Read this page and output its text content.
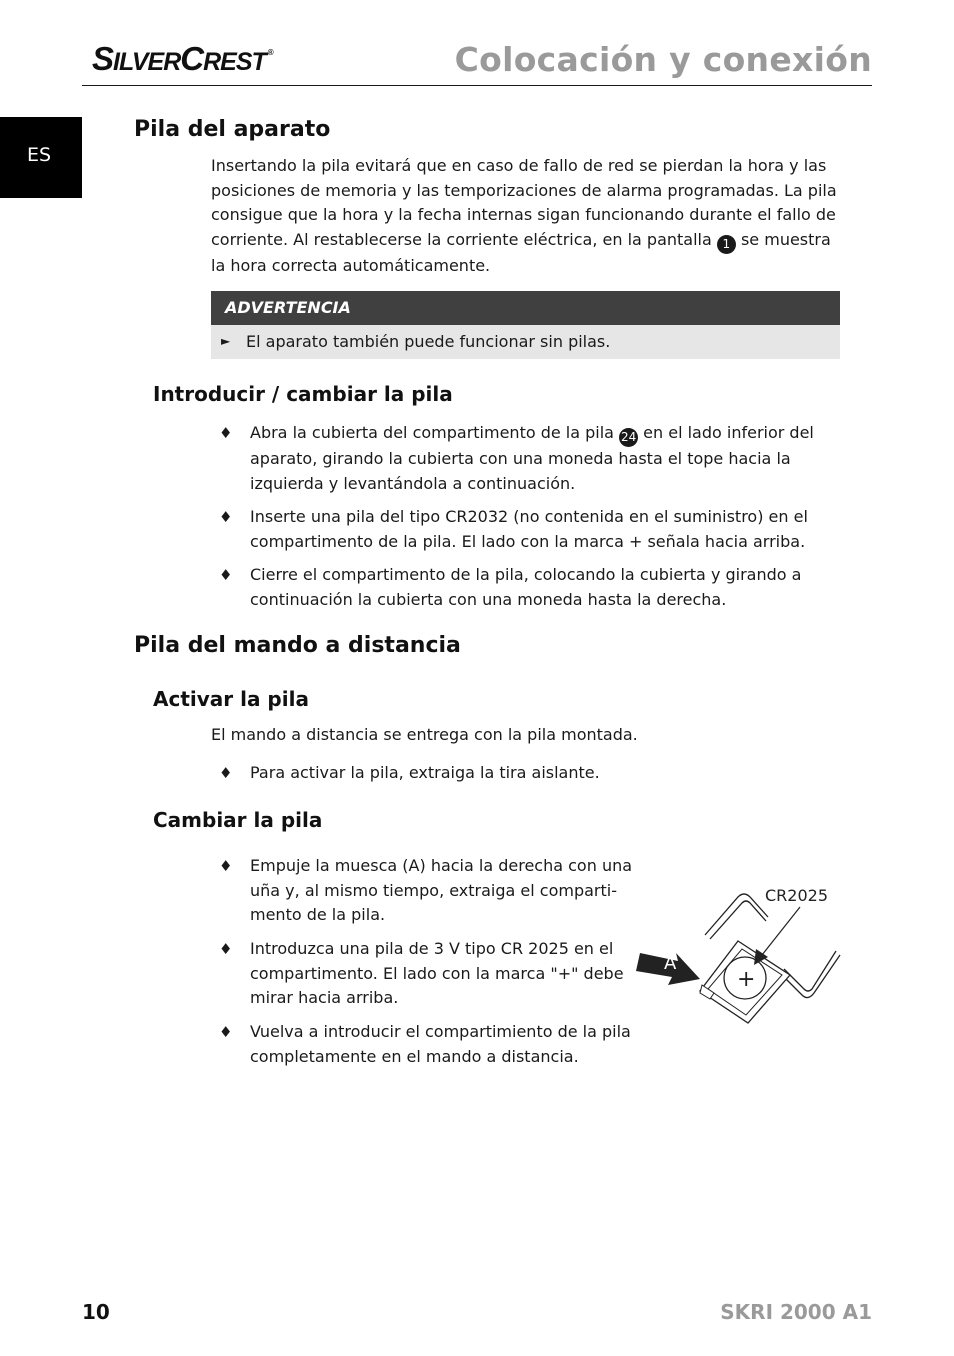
SILVERCREST ®	Colocación y conexión
ES
Pila del aparato

Insertando la pila evitará que en caso de fallo de red se pierdan la hora y las posiciones de memoria y las temporizaciones de alarma programadas. La pila consigue que la hora y la fecha internas sigan funcionando durante el fallo de corriente. Al restablecerse la corriente eléctrica, en la pantalla 1 se muestra la hora correcta automáticamente.

ADVERTENCIA
► El aparato también puede funcionar sin pilas.
Introducir / cambiar la pila
♦ Abra la cubierta del compartimento de la pila 24 en el lado inferior del aparato, girando la cubierta con una moneda hasta el tope hacia la izquierda y levantándola a continuación.

♦ Inserte una pila del tipo CR2032 (no contenida en el suministro) en el compartimento de la pila. El lado con la marca + señala hacia arriba.

♦ Cierre el compartimento de la pila, colocando la cubierta y girando a continuación la cubierta con una moneda hasta la derecha.

Pila del mando a distancia
Activar la pila

El mando a distancia se entrega con la pila montada.

♦ Para activar la pila, extraiga la tira aislante.

Cambiar la pila
♦ Empuje la muesca (A) hacia la derecha con una
uña y, al mismo tiempo, extraiga el comparti-
mento de la pila.

♦ Introduzca una pila de 3 V tipo CR 2025 en el
compartimento. El lado con la marca "+" debe
mirar hacia arriba.

♦ Vuelva a introducir el compartimiento de la pila
completamente en el mando a distancia.

+
CR2025
A
10	SKRI 2000 A1
